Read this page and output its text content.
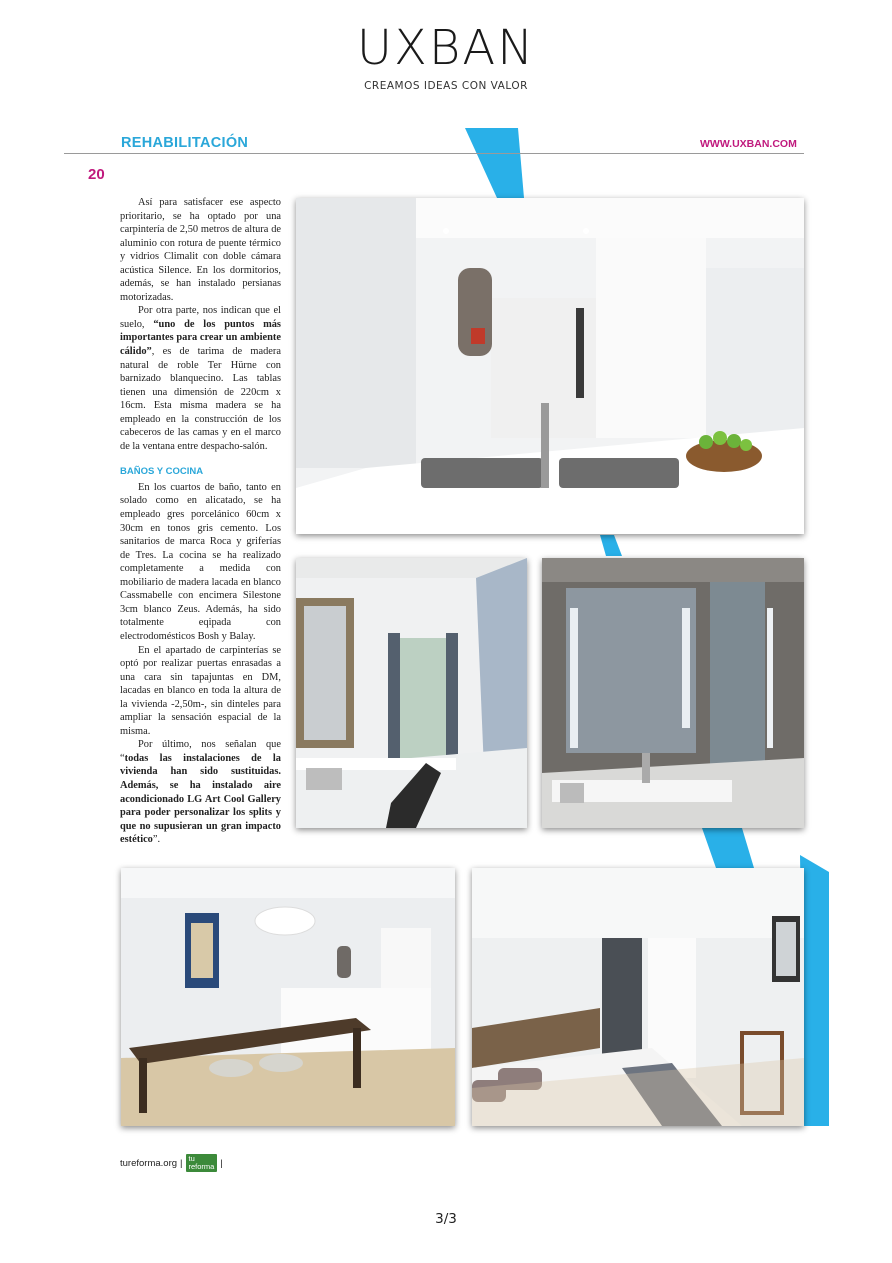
UXBAN
CREAMOS IDEAS CON VALOR
REHABILITACIÓN	WWW.UXBAN.COM
20

Así para satisfacer ese aspecto prioritario, se ha optado por una carpintería de 2,50 metros de altura de aluminio con rotura de puente térmico y vidrios Climalit con doble cámara acústica Silence. En los dormitorios, además, se han instalado persianas motorizadas.

Por otra parte, nos indican que el suelo, “uno de los puntos más importantes para crear un ambiente cálido”, es de tarima de madera natural de roble Ter Hürne con barnizado blanquecino. Las tablas tienen una dimensión de 220cm x 16cm. Esta misma madera se ha empleado en la construcción de los cabeceros de las camas y en el marco de la ventana entre despacho-salón.

BAÑOS Y COCINA

En los cuartos de baño, tanto en solado como en alicatado, se ha empleado gres porcelánico 60cm x 30cm en tonos gris cemento. Los sanitarios de marca Roca y griferías de Tres. La cocina se ha realizado completamente a medida con mobiliario de madera lacada en blanco Cassmabelle con encimera Silestone 3cm blanco Zeus. Además, ha sido totalmente eqipada con electrodomésticos Bosh y Balay.

En el apartado de carpinterías se optó por realizar puertas enrasadas a una cara sin tapajuntas en DM, lacadas en blanco en toda la altura de la vivienda -2,50m-, sin dinteles para ampliar la sensación espacial de la misma.

Por último, nos señalan que “todas las instalaciones de la vivienda han sido sustituidas. Además, se ha instalado aire acondicionado LG Art Cool Gallery para poder personalizar los splits y que no supusieran un gran impacto estético”.

tureforma.org | tu
reforma |
3/3
